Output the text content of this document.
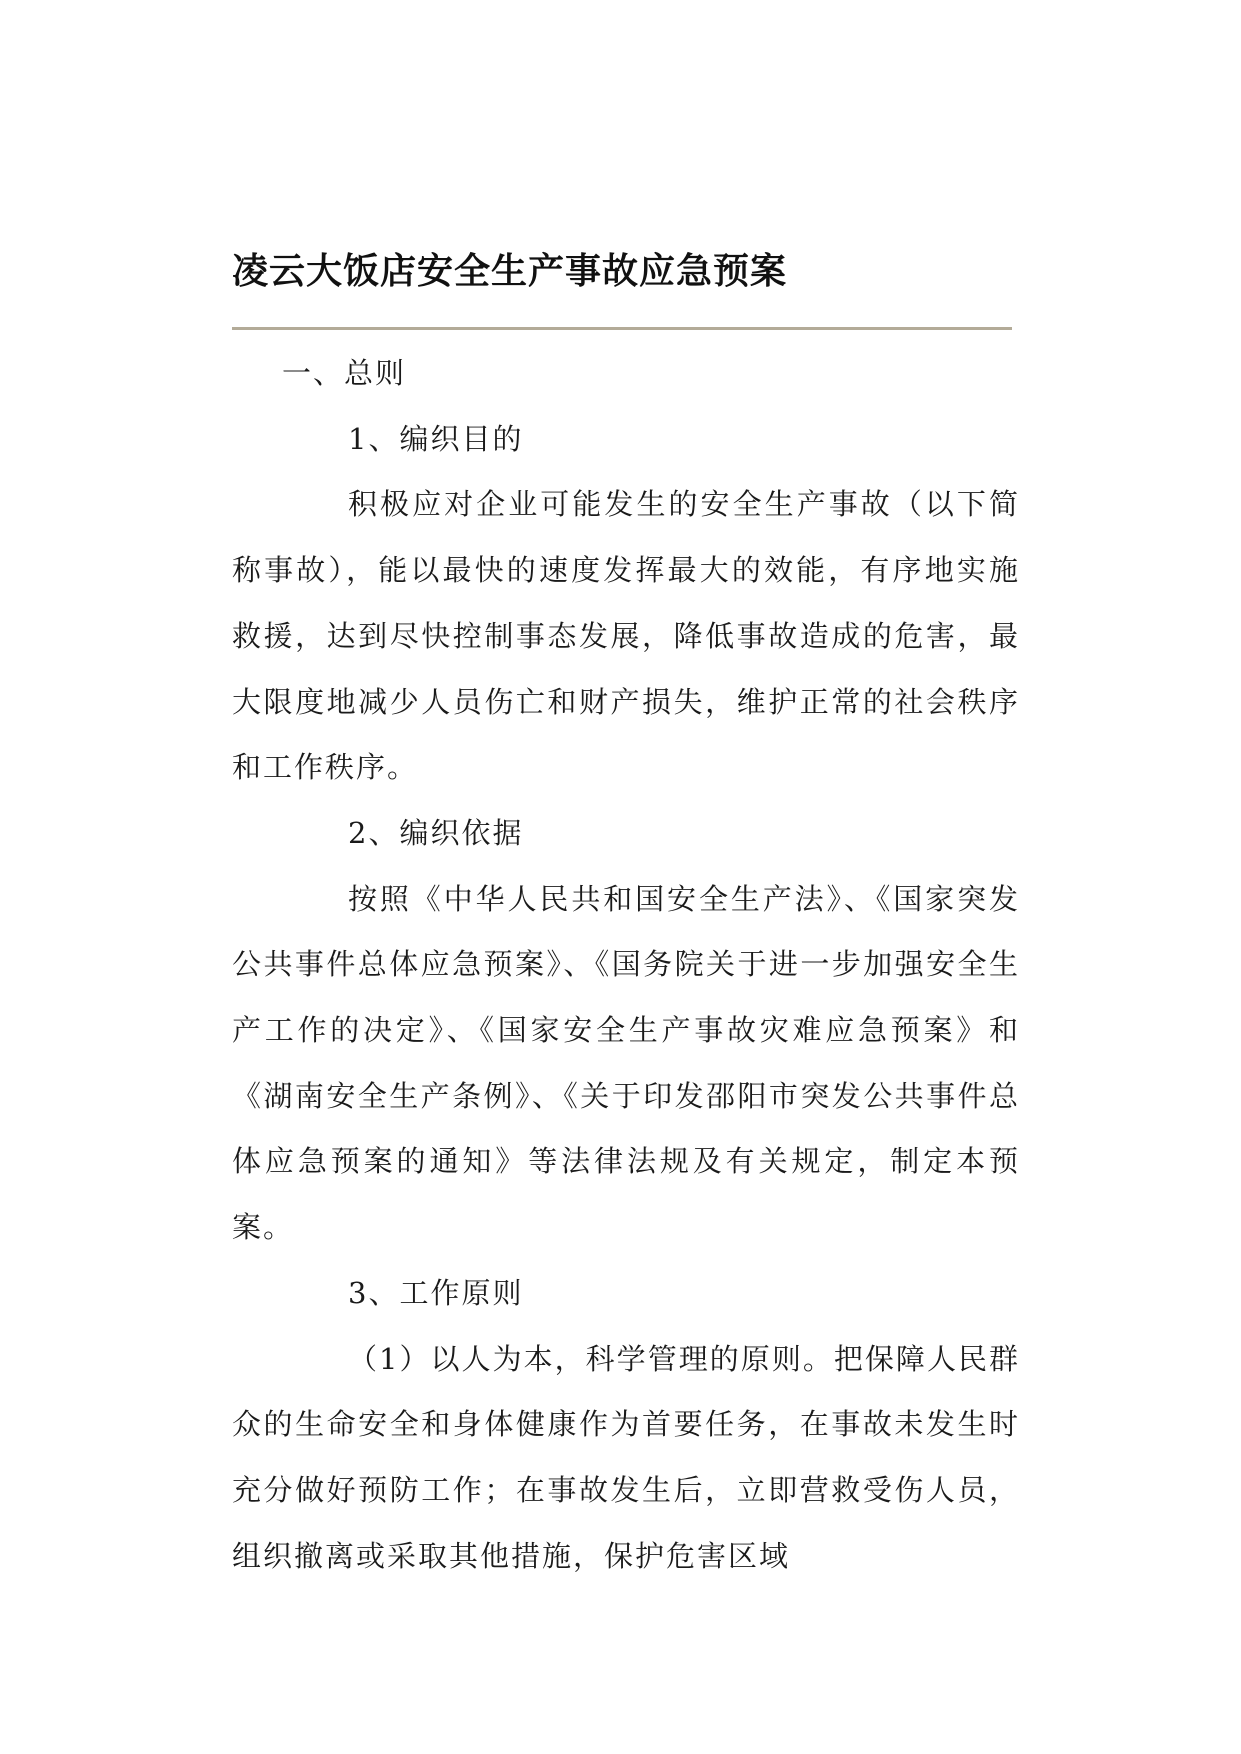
凌云大饭店安全生产事故应急预案

一、总则

1、编织目的

积极应对企业可能发生的安全生产事故（以下简称事故），能以最快的速度发挥最大的效能，有序地实施救援，达到尽快控制事态发展，降低事故造成的危害，最大限度地减少人员伤亡和财产损失，维护正常的社会秩序和工作秩序。

2、编织依据

按照《中华人民共和国安全生产法》、《国家突发公共事件总体应急预案》、《国务院关于进一步加强安全生产工作的决定》、《国家安全生产事故灾难应急预案》和《湖南安全生产条例》、《关于印发邵阳市突发公共事件总体应急预案的通知》等法律法规及有关规定，制定本预案。

3、工作原则

（1）以人为本，科学管理的原则。把保障人民群众的生命安全和身体健康作为首要任务，在事故未发生时充分做好预防工作；在事故发生后，立即营救受伤人员，组织撤离或采取其他措施，保护危害区域
